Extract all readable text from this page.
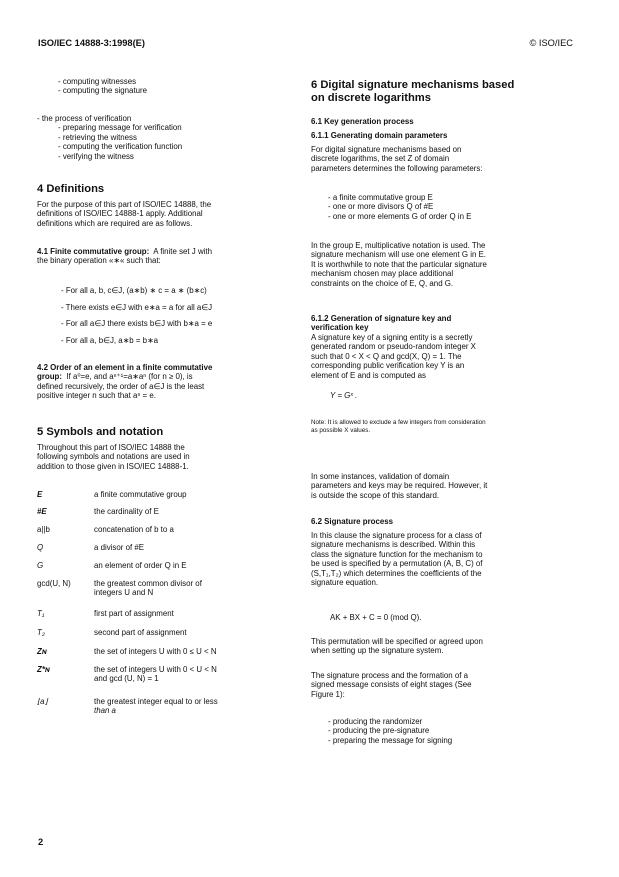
ISO/IEC 14888-3:1998(E)	© ISO/IEC
- computing witnesses
- computing the signature
- the process of verification
- preparing message for verification
- retrieving the witness
- computing the verification function
- verifying the witness
4 Definitions
For the purpose of this part of ISO/IEC 14888, the
definitions of ISO/IEC 14888-1 apply. Additional
definitions which are required are as follows.
4.1 Finite commutative group: A finite set J with
the binary operation «∗« such that:
- For all a, b, c∈J, (a∗b) ∗ c = a ∗ (b∗c)
- There exists e∈J with e∗a = a for all a∈J
- For all a∈J there exists b∈J with b∗a = e
- For all a, b∈J, a∗b = b∗a
4.2 Order of an element in a finite commutative
group: If a⁰=e, and aⁿ⁺¹=a∗aⁿ (for n ≥ 0), is
defined recursively, the order of a∈J is the least
positive integer n such that aⁿ = e.
5 Symbols and notation
Throughout this part of ISO/IEC 14888 the
following symbols and notations are used in
addition to those given in ISO/IEC 14888-1.
E	a finite commutative group
#E	the cardinality of E
a||b	concatenation of b to a
Q	a divisor of #E
G	an element of order Q in E
gcd(U, N)	the greatest common divisor of
integers U and N
T₁	first part of assignment
T₂	second part of assignment
Zɴ	the set of integers U with 0 ≤ U < N
Z*ɴ	the set of integers U with 0 < U < N
and gcd (U, N) = 1
⌊a⌋	the greatest integer equal to or less
than a
6 Digital signature mechanisms based
on discrete logarithms
6.1 Key generation process
6.1.1 Generating domain parameters
For digital signature mechanisms based on
discrete logarithms, the set Z of domain
parameters determines the following parameters:
- a finite commutative group E
- one or more divisors Q of #E
- one or more elements G of order Q in E
In the group E, multiplicative notation is used. The
signature mechanism will use one element G in E.
It is worthwhile to note that the particular signature
mechanism chosen may place additional
constraints on the choice of E, Q, and G.
6.1.2 Generation of signature key and
verification key
A signature key of a signing entity is a secretly
generated random or pseudo-random integer X
such that 0 < X < Q and gcd(X, Q) = 1. The
corresponding public verification key Y is an
element of E and is computed as
Y = Gˣ .
Note: It is allowed to exclude a few integers from consideration
as possible X values.
In some instances, validation of domain
parameters and keys may be required. However, it
is outside the scope of this standard.
6.2 Signature process
In this clause the signature process for a class of
signature mechanisms is described. Within this
class the signature function for the mechanism to
be used is specified by a permutation (A, B, C) of
(S,T₁,T₂) which determines the coefficients of the
signature equation.
AK + BX + C = 0 (mod Q).
This permutation will be specified or agreed upon
when setting up the signature system.
The signature process and the formation of a
signed message consists of eight stages (See
Figure 1):
- producing the randomizer
- producing the pre-signature
- preparing the message for signing
2
